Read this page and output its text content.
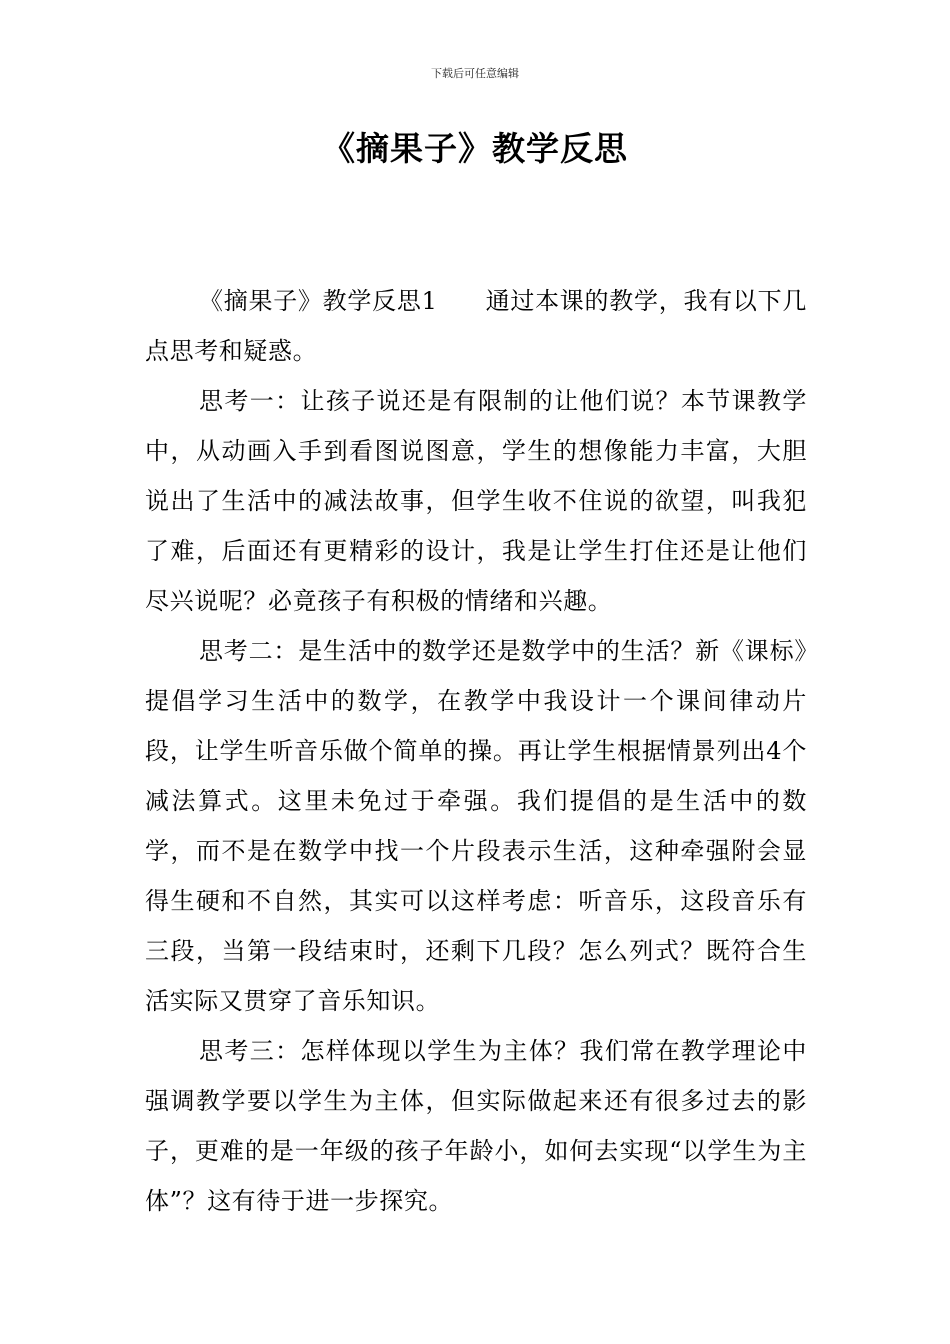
下载后可任意编辑
《摘果子》教学反思

《摘果子》教学反思1 通过本课的教学，我有以下几点思考和疑惑。

思考一：让孩子说还是有限制的让他们说？本节课教学中，从动画入手到看图说图意，学生的想像能力丰富，大胆说出了生活中的减法故事，但学生收不住说的欲望，叫我犯了难，后面还有更精彩的设计，我是让学生打住还是让他们尽兴说呢？必竟孩子有积极的情绪和兴趣。

思考二：是生活中的数学还是数学中的生活？新《课标》提倡学习生活中的数学，在教学中我设计一个课间律动片段，让学生听音乐做个简单的操。再让学生根据情景列出4个减法算式。这里未免过于牵强。我们提倡的是生活中的数学，而不是在数学中找一个片段表示生活，这种牵强附会显得生硬和不自然，其实可以这样考虑：听音乐，这段音乐有三段，当第一段结束时，还剩下几段？怎么列式？既符合生活实际又贯穿了音乐知识。

思考三：怎样体现以学生为主体？我们常在教学理论中强调教学要以学生为主体，但实际做起来还有很多过去的影子，更难的是一年级的孩子年龄小，如何去实现“以学生为主体”？这有待于进一步探究。
